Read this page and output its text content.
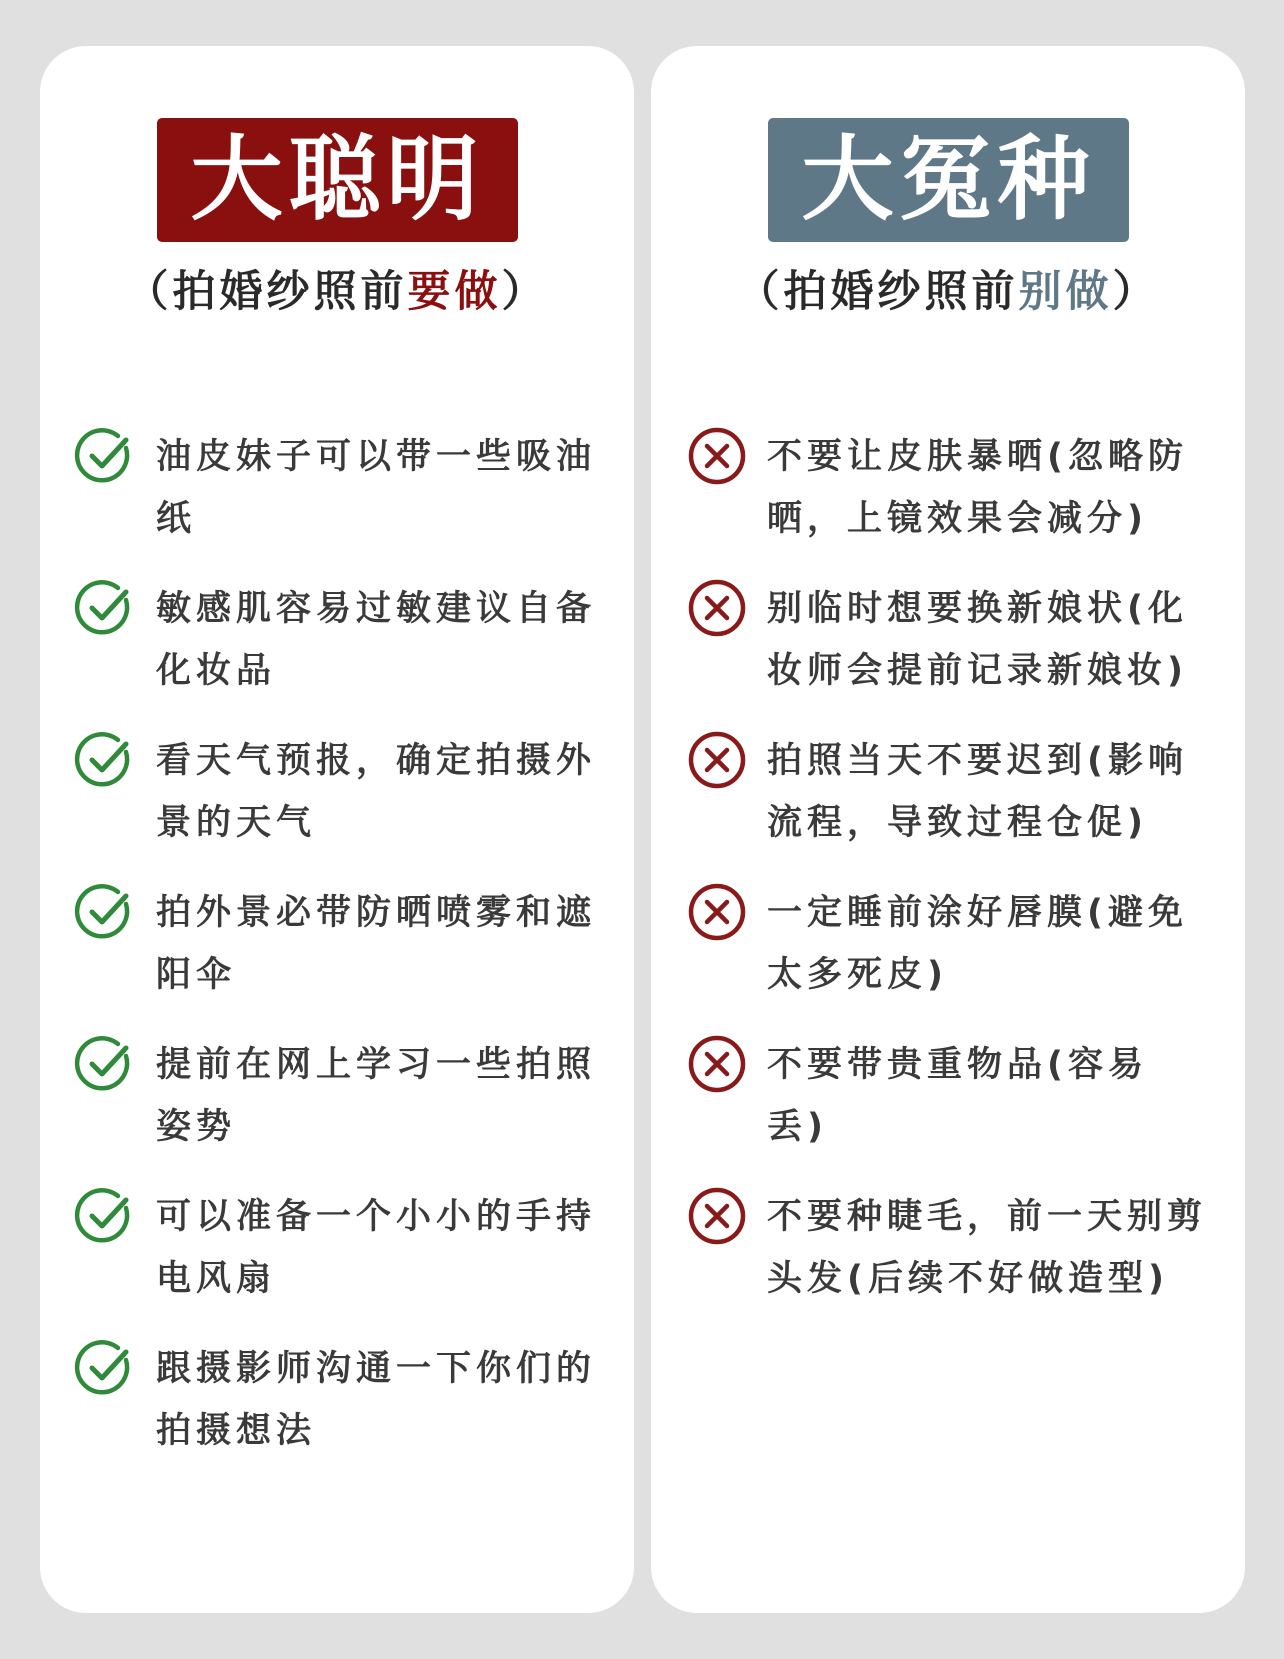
大聪明
（拍婚纱照前要做）
油皮妹子可以带一些吸油纸
敏感肌容易过敏建议自备化妆品
看天气预报，确定拍摄外景的天气
拍外景必带防晒喷雾和遮阳伞
提前在网上学习一些拍照姿势
可以准备一个小小的手持电风扇
跟摄影师沟通一下你们的拍摄想法
大冤种
（拍婚纱照前别做）
不要让皮肤暴晒(忽略防晒，上镜效果会减分)
别临时想要换新娘状(化妆师会提前记录新娘妆)
拍照当天不要迟到(影响流程，导致过程仓促)
一定睡前涂好唇膜(避免太多死皮)
不要带贵重物品(容易丢)
不要种睫毛，前一天别剪头发(后续不好做造型)
